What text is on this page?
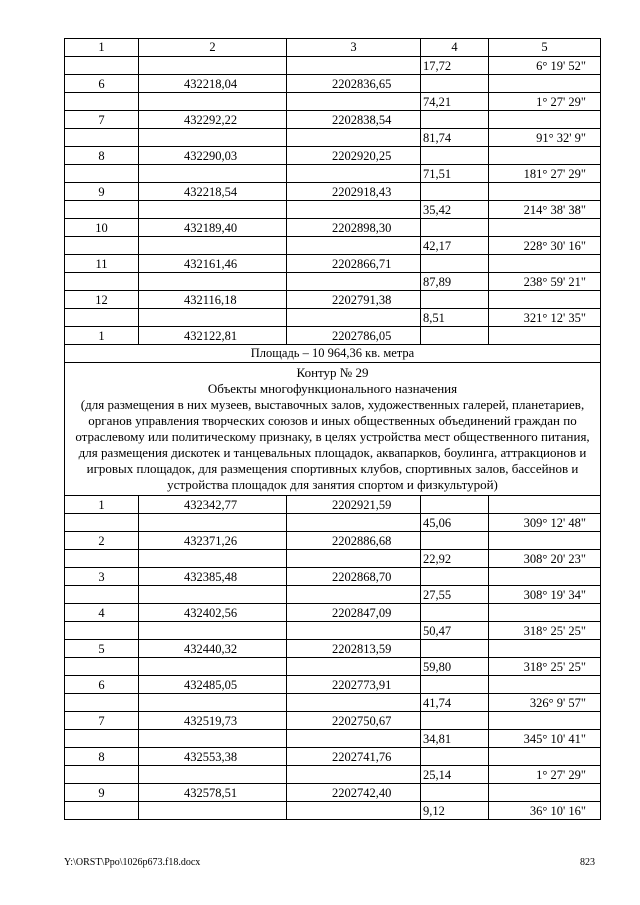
1	2	3	4	5
			17,72	6° 19' 52"
6	432218,04	2202836,65		
			74,21	1° 27' 29"
7	432292,22	2202838,54		
			81,74	91° 32' 9"
8	432290,03	2202920,25		
			71,51	181° 27' 29"
9	432218,54	2202918,43		
			35,42	214° 38' 38"
10	432189,40	2202898,30		
			42,17	228° 30' 16"
11	432161,46	2202866,71		
			87,89	238° 59' 21"
12	432116,18	2202791,38		
			8,51	321° 12' 35"
1	432122,81	2202786,05		
Площадь – 10 964,36 кв. метра				

Контур № 29
Объекты многофункционального назначения
(для размещения в них музеев, выставочных залов, художественных галерей, планетариев, органов управления творческих союзов и иных общественных объединений граждан по отраслевому или политическому признаку, в целях устройства мест общественного питания, для размещения дискотек и танцевальных площадок, аквапарков, боулинга, аттракционов и игровых площадок, для размещения спортивных клубов, спортивных залов, бассейнов и устройства площадок для занятия спортом и физкультурой)				

1	432342,77	2202921,59		
			45,06	309° 12' 48"
2	432371,26	2202886,68		
			22,92	308° 20' 23"
3	432385,48	2202868,70		
			27,55	308° 19' 34"
4	432402,56	2202847,09		
			50,47	318° 25' 25"
5	432440,32	2202813,59		
			59,80	318° 25' 25"
6	432485,05	2202773,91		
			41,74	326° 9' 57"
7	432519,73	2202750,67		
			34,81	345° 10' 41"
8	432553,38	2202741,76		
			25,14	1° 27' 29"
9	432578,51	2202742,40		
			9,12	36° 10' 16"
Y:\ORST\Ppo\1026p673.f18.docx	823
